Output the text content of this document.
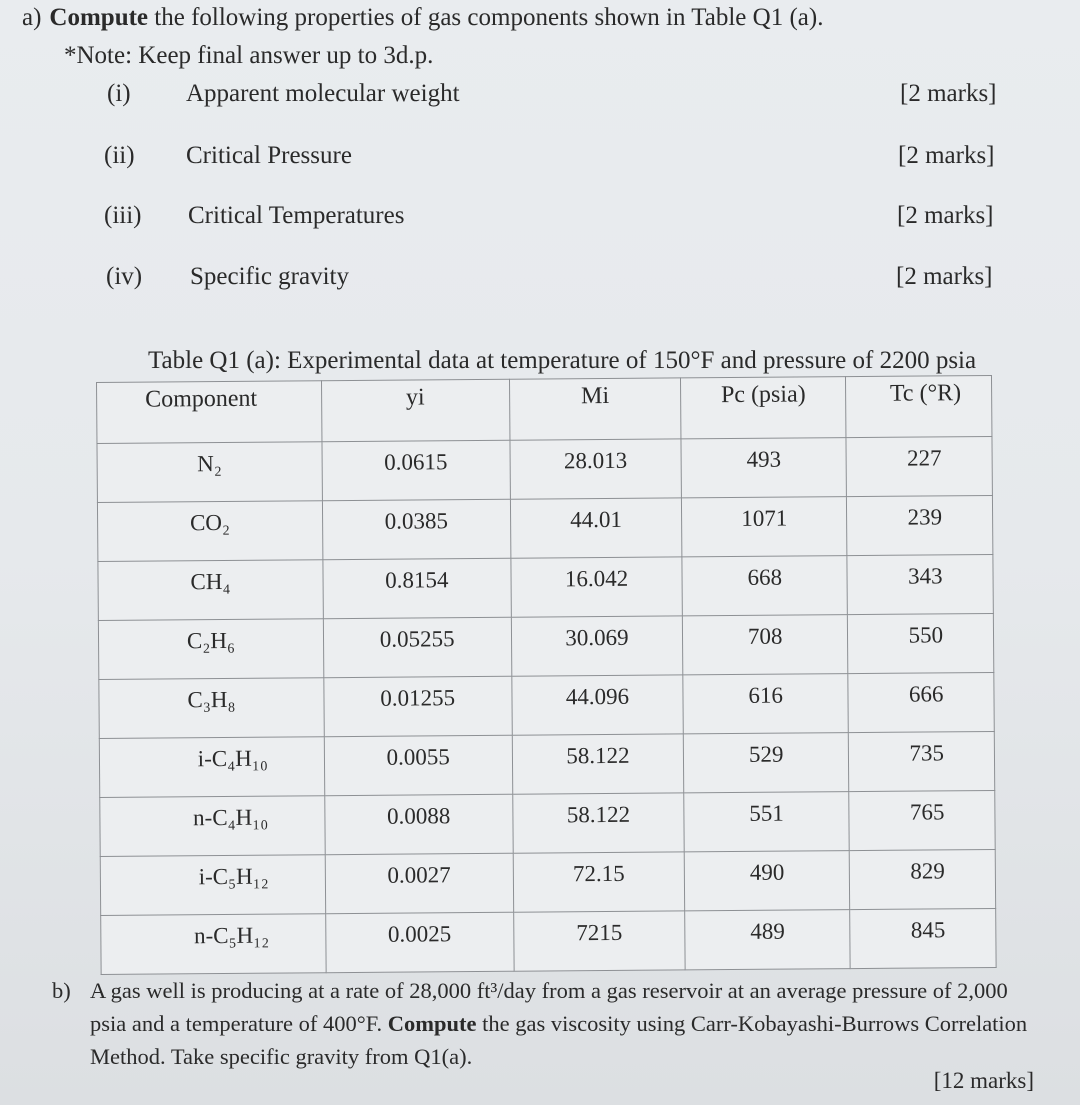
a) Compute the following properties of gas components shown in Table Q1 (a).
*Note: Keep final answer up to 3d.p.
(i) Apparent molecular weight	[2 marks]
(ii) Critical Pressure	[2 marks]
(iii) Critical Temperatures	[2 marks]
(iv) Specific gravity	[2 marks]
Table Q1 (a): Experimental data at temperature of 150°F and pressure of 2200 psia
Component	yi	Mi	Pc (psia)	Tc (°R)
N₂	0.0615	28.013	493	227
CO₂	0.0385	44.01	1071	239
CH₄	0.8154	16.042	668	343
C₂H₆	0.05255	30.069	708	550
C₃H₈	0.01255	44.096	616	666
i-C₄H₁₀	0.0055	58.122	529	735
n-C₄H₁₀	0.0088	58.122	551	765
i-C₅H₁₂	0.0027	72.15	490	829
n-C₅H₁₂	0.0025	7215	489	845
b) A gas well is producing at a rate of 28,000 ft³/day from a gas reservoir at an average pressure of 2,000 psia and a temperature of 400°F. Compute the gas viscosity using Carr-Kobayashi-Burrows Correlation Method. Take specific gravity from Q1(a).
[12 marks]
